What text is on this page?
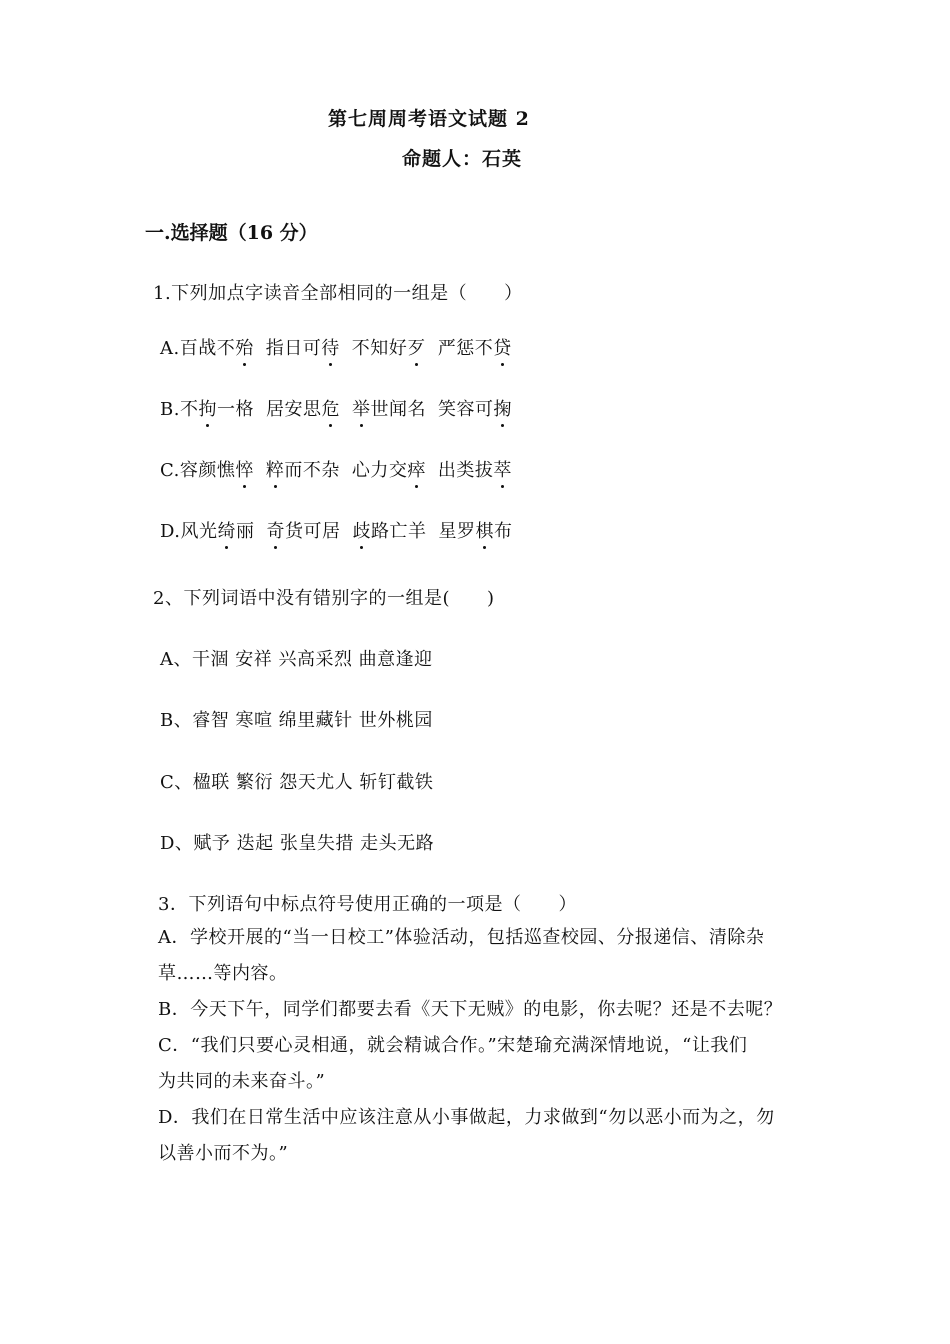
第七周周考语文试题 2
命题人：石英
一.选择题（16 分）
1.下列加点字读音全部相同的一组是（　　）
A.百战不殆 指日可待 不知好歹 严惩不贷
B.不拘一格 居安思危 举世闻名 笑容可掬
C.容颜憔悴 粹而不杂 心力交瘁 出类拔萃
D.风光绮丽 奇货可居 歧路亡羊 星罗棋布
2、下列词语中没有错别字的一组是(　　)
A、干涸 安祥 兴高采烈 曲意逢迎
B、睿智 寒喧 绵里藏针 世外桃园
C、楹联 繁衍 怨天尤人 斩钉截铁
D、赋予 迭起 张皇失措 走头无路
3．下列语句中标点符号使用正确的一项是（　　）
A．学校开展的“当一日校工”体验活动，包括巡查校园、分报递信、清除杂
草……等内容。
B．今天下午，同学们都要去看《天下无贼》的电影，你去呢？还是不去呢？
C．“我们只要心灵相通，就会精诚合作。”宋楚瑜充满深情地说，“让我们
为共同的未来奋斗。”
D．我们在日常生活中应该注意从小事做起，力求做到“勿以恶小而为之，勿
以善小而不为。”
